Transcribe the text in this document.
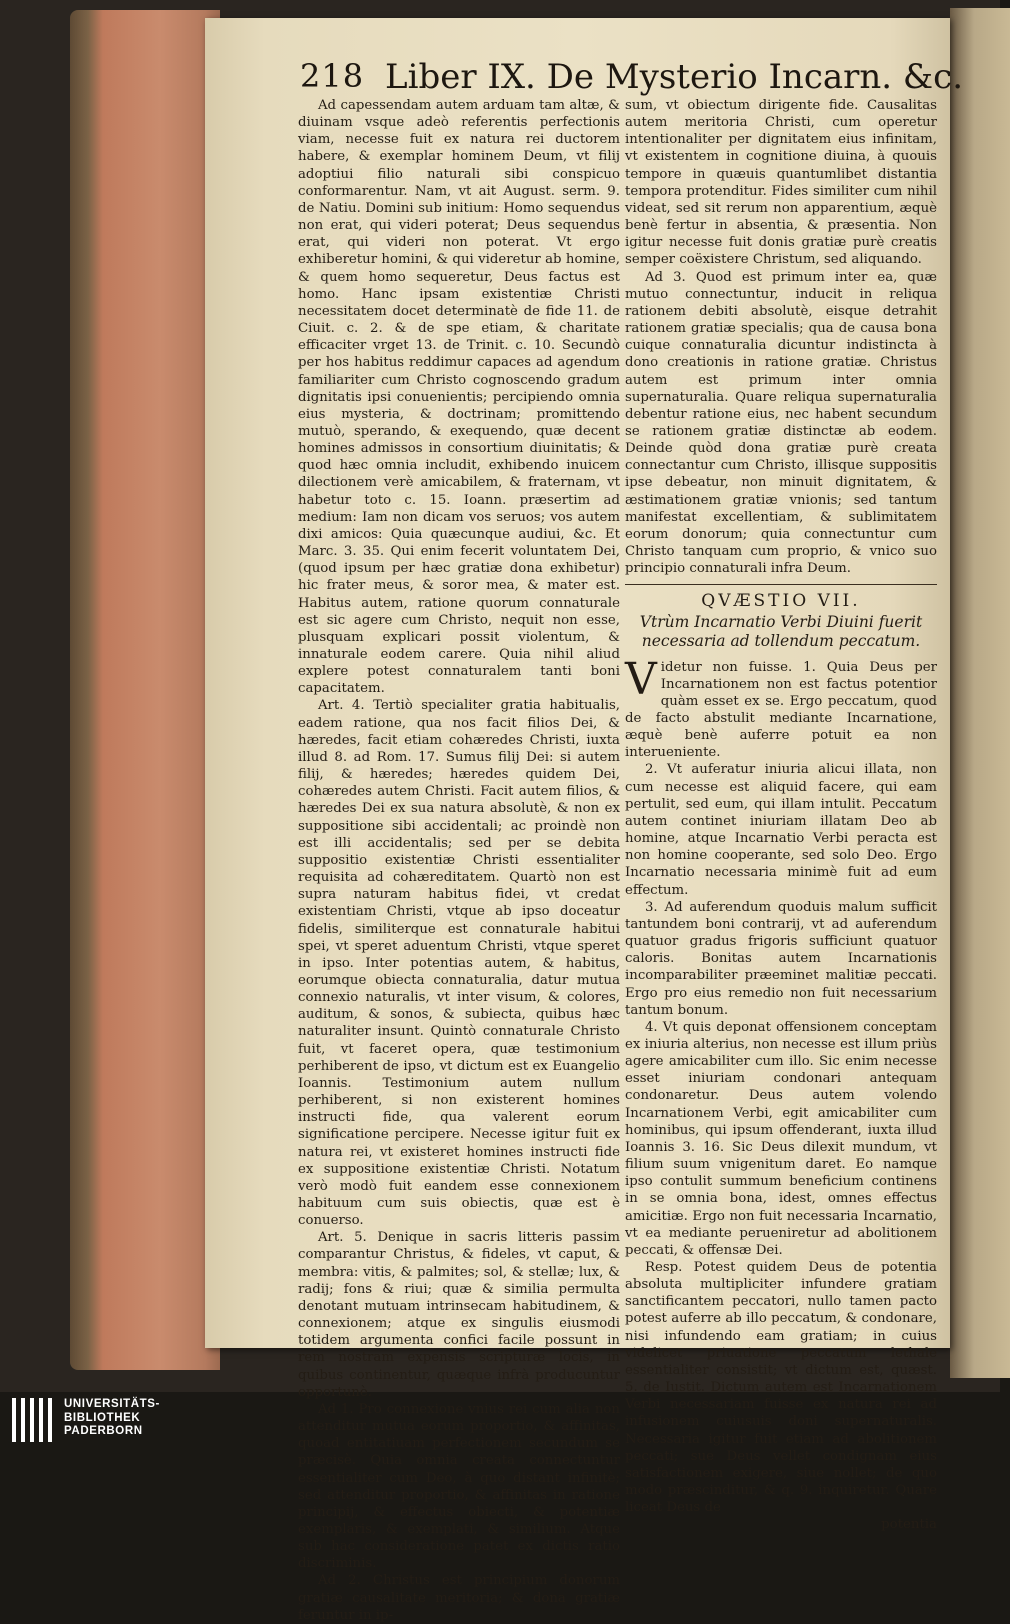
218 Liber IX. De Mysterio Incarn. &c.

Ad capessendam autem arduam tam altæ, & diuinam vsque adeò referentis perfectionis viam, necesse fuit ex natura rei ductorem habere, & exemplar hominem Deum, vt filij adoptiui filio naturali sibi conspicuo conformarentur. Nam, vt ait August. serm. 9. de Natiu. Domini sub initium: Homo sequendus non erat, qui videri poterat; Deus sequendus erat, qui videri non poterat. Vt ergo exhiberetur homini, & qui videretur ab homine, & quem homo sequeretur, Deus factus est homo. Hanc ipsam existentiæ Christi necessitatem docet determinatè de fide 11. de Ciuit. c. 2. & de spe etiam, & charitate efficaciter vrget 13. de Trinit. c. 10. Secundò per hos habitus reddimur capaces ad agendum familiariter cum Christo cognoscendo gradum dignitatis ipsi conuenientis; percipiendo omnia eius mysteria, & doctrinam; promittendo mutuò, sperando, & exequendo, quæ decent homines admissos in consortium diuinitatis; & quod hæc omnia includit, exhibendo inuicem dilectionem verè amicabilem, & fraternam, vt habetur toto c. 15. Ioann. præsertim ad medium: Iam non dicam vos seruos; vos autem dixi amicos: Quia quæcunque audiui, &c. Et Marc. 3. 35. Qui enim fecerit voluntatem Dei, (quod ipsum per hæc gratiæ dona exhibetur) hic frater meus, & soror mea, & mater est. Habitus autem, ratione quorum connaturale est sic agere cum Christo, nequit non esse, plusquam explicari possit violentum, & innaturale eodem carere. Quia nihil aliud explere potest connaturalem tanti boni capacitatem.

Art. 4. Tertiò specialiter gratia habitualis, eadem ratione, qua nos facit filios Dei, & hæredes, facit etiam cohæredes Christi, iuxta illud 8. ad Rom. 17. Sumus filij Dei: si autem filij, & hæredes; hæredes quidem Dei, cohæredes autem Christi. Facit autem filios, & hæredes Dei ex sua natura absolutè, & non ex suppositione sibi accidentali; ac proindè non est illi accidentalis; sed per se debita suppositio existentiæ Christi essentialiter requisita ad cohæreditatem. Quartò non est supra naturam habitus fidei, vt credat existentiam Christi, vtque ab ipso doceatur fidelis, similiterque est connaturale habitui spei, vt speret aduentum Christi, vtque speret in ipso. Inter potentias autem, & habitus, eorumque obiecta connaturalia, datur mutua connexio naturalis, vt inter visum, & colores, auditum, & sonos, & subiecta, quibus hæc naturaliter insunt. Quintò connaturale Christo fuit, vt faceret opera, quæ testimonium perhiberent de ipso, vt dictum est ex Euangelio Ioannis. Testimonium autem nullum perhiberent, si non existerent homines instructi fide, qua valerent eorum significatione percipere. Necesse igitur fuit ex natura rei, vt existeret homines instructi fide ex suppositione existentiæ Christi. Notatum verò modò fuit eandem esse connexionem habituum cum suis obiectis, quæ est è conuerso.

Art. 5. Denique in sacris litteris passim comparantur Christus, & fideles, vt caput, & membra: vitis, & palmites; sol, & stellæ; lux, & radij; fons & riui; quæ & similia permulta denotant mutuam intrinsecam habitudinem, & connexionem; atque ex singulis eiusmodi totidem argumenta confici facile possunt in rem nostram expensis scripturæ locis, in quibus continentur, quæque infrà producuntur opportunè.

Ad 1. Pro connexione vnius rei cum alia non attenditur mutua eorum proportio, & affinitas, quoad entitatiuam perfectionem secundum se præcisè. Quia omnia creata connectuntur essentialiter cum Deo, à quo distant infinitè; sed attenditur proportio, & affinitas in ratione principij, & effectus obiecti, & potentiæ exemplaris, & exemplati, & similium. Atque sub hac consideratione patet ex dictis ratio discriminis.

Ad 2. Christus est principium donorum gratiæ causalitate meritoria; & dona gratiæ feruntur in ip-

sum, vt obiectum dirigente fide. Causalitas autem meritoria Christi, cum operetur intentionaliter per dignitatem eius infinitam, vt existentem in cognitione diuina, à quouis tempore in quæuis quantumlibet distantia tempora protenditur. Fides similiter cum nihil videat, sed sit rerum non apparentium, æquè benè fertur in absentia, & præsentia. Non igitur necesse fuit donis gratiæ purè creatis semper coëxistere Christum, sed aliquando.

Ad 3. Quod est primum inter ea, quæ mutuo connectuntur, inducit in reliqua rationem debiti absolutè, eisque detrahit rationem gratiæ specialis; qua de causa bona cuique connaturalia dicuntur indistincta à dono creationis in ratione gratiæ. Christus autem est primum inter omnia supernaturalia. Quare reliqua supernaturalia debentur ratione eius, nec habent secundum se rationem gratiæ distinctæ ab eodem. Deinde quòd dona gratiæ purè creata connectantur cum Christo, illisque suppositis ipse debeatur, non minuit dignitatem, & æstimationem gratiæ vnionis; sed tantum manifestat excellentiam, & sublimitatem eorum donorum; quia connectuntur cum Christo tanquam cum proprio, & vnico suo principio connaturali infra Deum.

QVÆSTIO VII.
Vtrùm Incarnatio Verbi Diuini fuerit necessaria ad tollendum peccatum.

Videtur non fuisse. 1. Quia Deus per Incarnationem non est factus potentior quàm esset ex se. Ergo peccatum, quod de facto abstulit mediante Incarnatione, æquè benè auferre potuit ea non interueniente.

2. Vt auferatur iniuria alicui illata, non cum necesse est aliquid facere, qui eam pertulit, sed eum, qui illam intulit. Peccatum autem continet iniuriam illatam Deo ab homine, atque Incarnatio Verbi peracta est non homine cooperante, sed solo Deo. Ergo Incarnatio necessaria minimè fuit ad eum effectum.

3. Ad auferendum quoduis malum sufficit tantundem boni contrarij, vt ad auferendum quatuor gradus frigoris sufficiunt quatuor caloris. Bonitas autem Incarnationis incomparabiliter præeminet malitiæ peccati. Ergo pro eius remedio non fuit necessarium tantum bonum.

4. Vt quis deponat offensionem conceptam ex iniuria alterius, non necesse est illum priùs agere amicabiliter cum illo. Sic enim necesse esset iniuriam condonari antequam condonaretur. Deus autem volendo Incarnationem Verbi, egit amicabiliter cum hominibus, qui ipsum offenderant, iuxta illud Ioannis 3. 16. Sic Deus dilexit mundum, vt filium suum vnigenitum daret. Eo namque ipso contulit summum beneficium continens in se omnia bona, idest, omnes effectus amicitiæ. Ergo non fuit necessaria Incarnatio, vt ea mediante perueniretur ad abolitionem peccati, & offensæ Dei.

Resp. Potest quidem Deus de potentia absoluta multipliciter infundere gratiam sanctificantem peccatori, nullo tamen pacto potest auferre ab illo peccatum, & condonare, nisi infundendo eam gratiam; in cuius videlicet priuatione peccatum lethale essentialiter consistit; vt dictum est, quæst. 5. de Iustit. Dictum autem est Incarnationem Verbi necessariam fuisse ex natura rei ad infusionem cuiusuis doni supernaturalis. Necessaria igitur fuit etiam ad abolitionem peccati; sue Deus vellet condignam eius satisfactionem exigere, siue nollet; de quo modo præscinditur, & q. 9. inquiretur. Quare liceat Deus de

potentia
UNIVERSITÄTS-
BIBLIOTHEK
PADERBORN
